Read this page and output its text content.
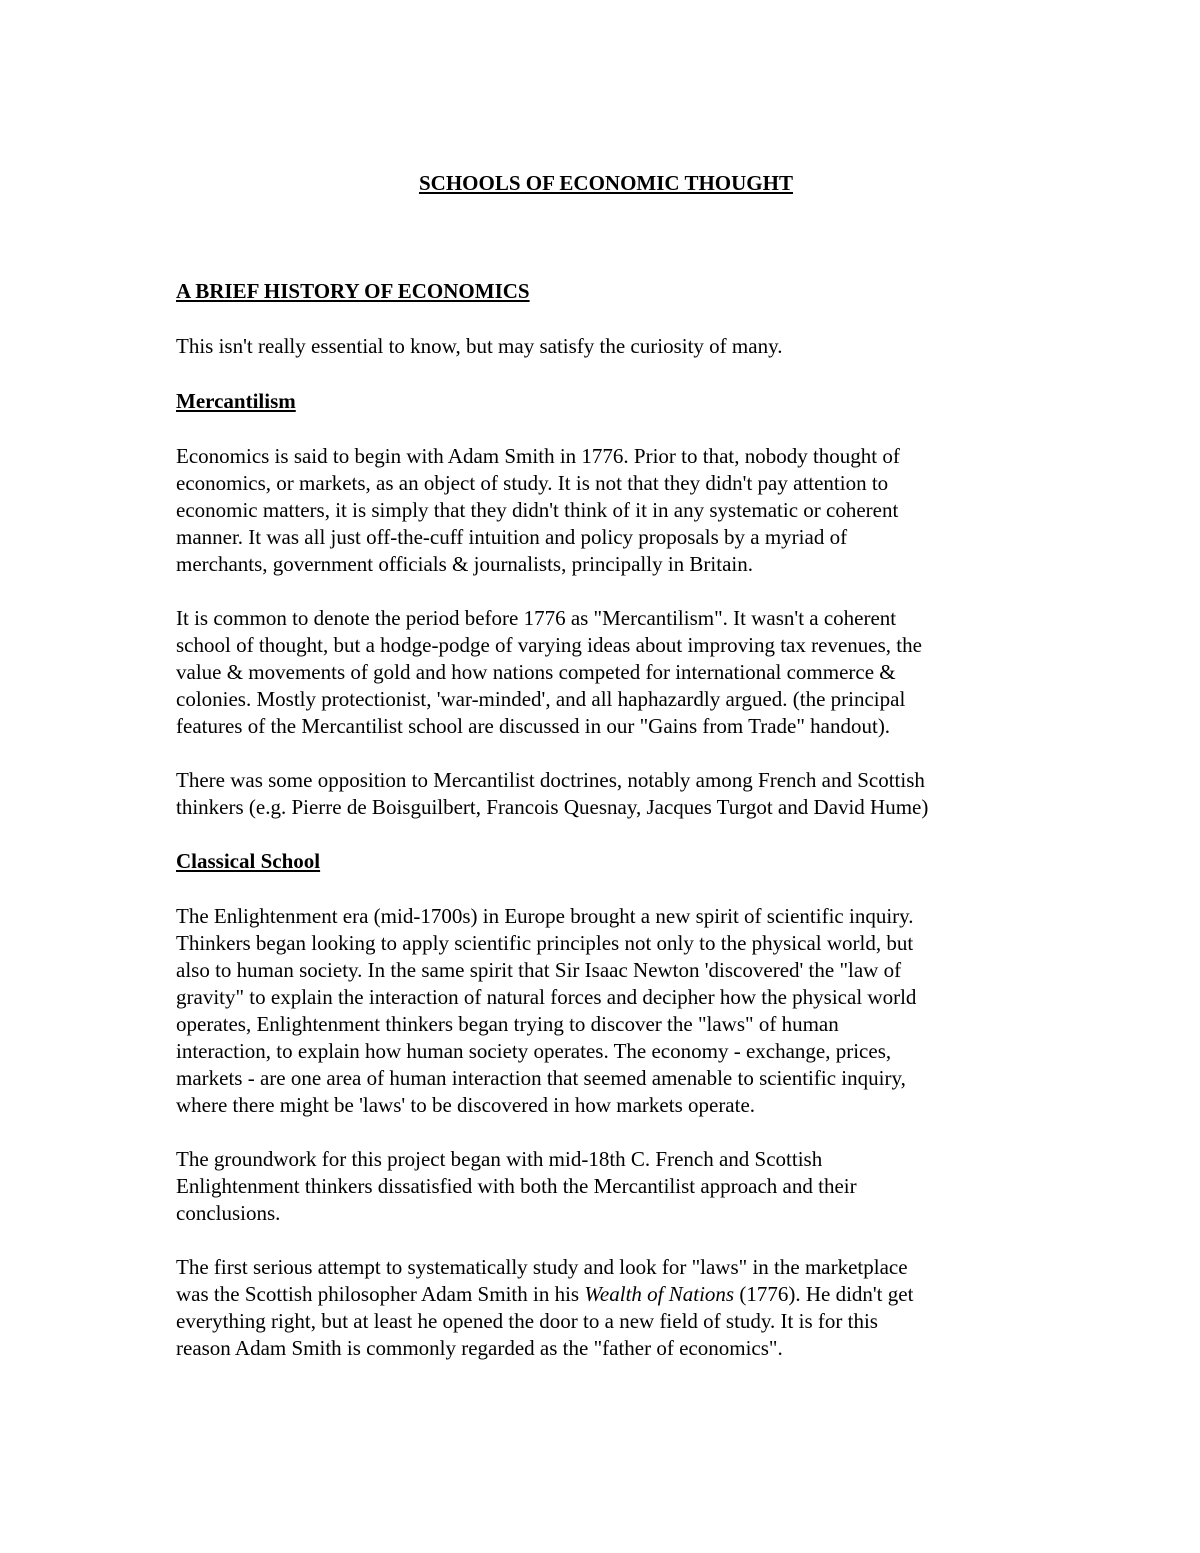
SCHOOLS OF ECONOMIC THOUGHT
A BRIEF HISTORY OF ECONOMICS

This isn't really essential to know, but may satisfy the curiosity of many.

Mercantilism

Economics is said to begin with Adam Smith in 1776. Prior to that, nobody thought of

economics, or markets, as an object of study. It is not that they didn't pay attention to

economic matters, it is simply that they didn't think of it in any systematic or coherent

manner. It was all just off-the-cuff intuition and policy proposals by a myriad of

merchants, government officials & journalists, principally in Britain.

It is common to denote the period before 1776 as "Mercantilism". It wasn't a coherent

school of thought, but a hodge-podge of varying ideas about improving tax revenues, the

value & movements of gold and how nations competed for international commerce &

colonies. Mostly protectionist, 'war-minded', and all haphazardly argued. (the principal

features of the Mercantilist school are discussed in our "Gains from Trade" handout).

There was some opposition to Mercantilist doctrines, notably among French and Scottish

thinkers (e.g. Pierre de Boisguilbert, Francois Quesnay, Jacques Turgot and David Hume)

Classical School

The Enlightenment era (mid-1700s) in Europe brought a new spirit of scientific inquiry.

Thinkers began looking to apply scientific principles not only to the physical world, but

also to human society. In the same spirit that Sir Isaac Newton 'discovered' the "law of

gravity" to explain the interaction of natural forces and decipher how the physical world

operates, Enlightenment thinkers began trying to discover the "laws" of human

interaction, to explain how human society operates. The economy - exchange, prices,

markets - are one area of human interaction that seemed amenable to scientific inquiry,

where there might be 'laws' to be discovered in how markets operate.

The groundwork for this project began with mid-18th C. French and Scottish

Enlightenment thinkers dissatisfied with both the Mercantilist approach and their

conclusions.

The first serious attempt to systematically study and look for "laws" in the marketplace

was the Scottish philosopher Adam Smith in his Wealth of Nations (1776). He didn't get

everything right, but at least he opened the door to a new field of study. It is for this

reason Adam Smith is commonly regarded as the "father of economics".
